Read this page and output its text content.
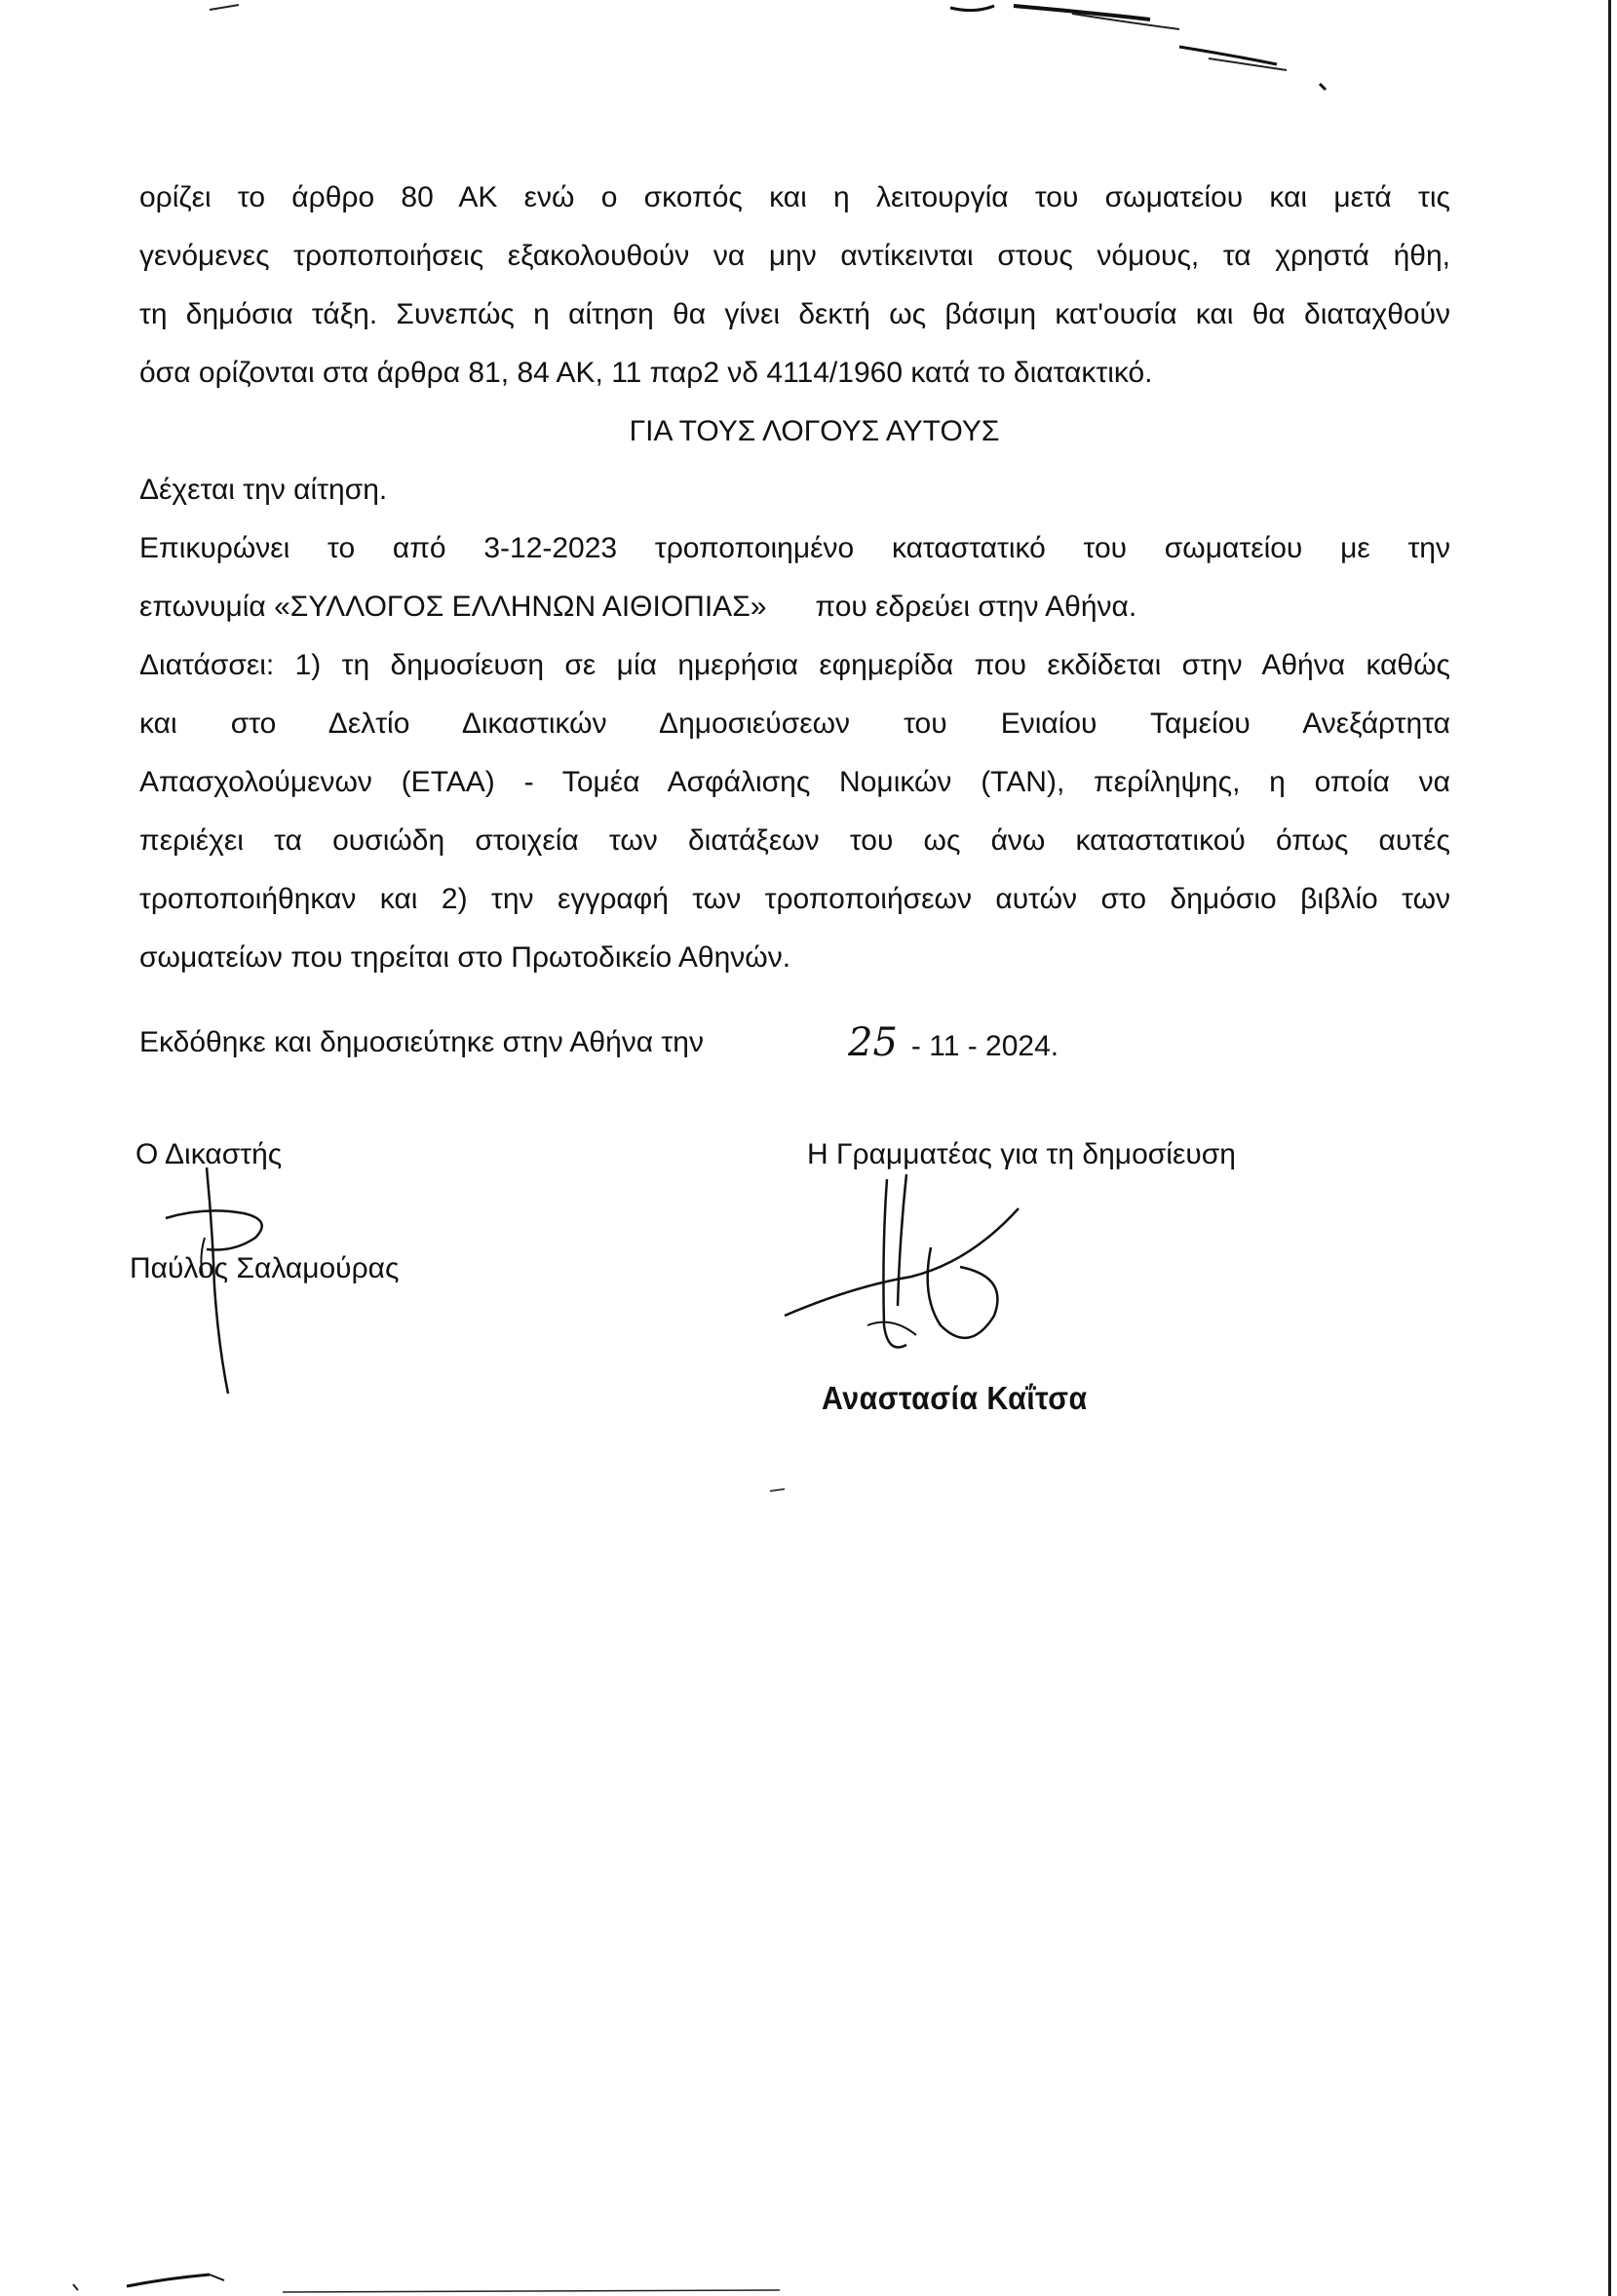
ορίζει το άρθρο 80 ΑΚ ενώ ο σκοπός και η λειτουργία του σωματείου και μετά τις
γενόμενες τροποποιήσεις εξακολουθούν να μην αντίκεινται στους νόμους, τα χρηστά ήθη,
τη δημόσια τάξη. Συνεπώς η αίτηση θα γίνει δεκτή ως βάσιμη κατ'ουσία και θα διαταχθούν
όσα ορίζονται στα άρθρα 81, 84 ΑΚ, 11 παρ2 νδ 4114/1960 κατά το διατακτικό.
ΓΙΑ ΤΟΥΣ ΛΟΓΟΥΣ ΑΥΤΟΥΣ
Δέχεται την αίτηση.
Επικυρώνει το από 3-12-2023 τροποποιημένο καταστατικό του σωματείου με την
επωνυμία «ΣΥΛΛΟΓΟΣ ΕΛΛΗΝΩΝ ΑΙΘΙΟΠΙΑΣ»      που εδρεύει στην Αθήνα.
Διατάσσει: 1) τη δημοσίευση σε μία ημερήσια εφημερίδα που εκδίδεται στην Αθήνα καθώς
και στο Δελτίο Δικαστικών Δημοσιεύσεων του Ενιαίου Ταμείου Ανεξάρτητα
Απασχολούμενων (ΕΤΑΑ) - Τομέα Ασφάλισης Νομικών (ΤΑΝ), περίληψης, η οποία να
περιέχει τα ουσιώδη στοιχεία των διατάξεων του ως άνω καταστατικού όπως αυτές
τροποποιήθηκαν και 2) την εγγραφή των τροποποιήσεων αυτών στο δημόσιο βιβλίο των
σωματείων που τηρείται στο Πρωτοδικείο Αθηνών.
Εκδόθηκε και δημοσιεύτηκε στην Αθήνα την	25 - 11 - 2024.
Ο Δικαστής
Παύλος Σαλαμούρας
Η Γραμματέας για τη δημοσίευση
Αναστασία Καΐτσα
